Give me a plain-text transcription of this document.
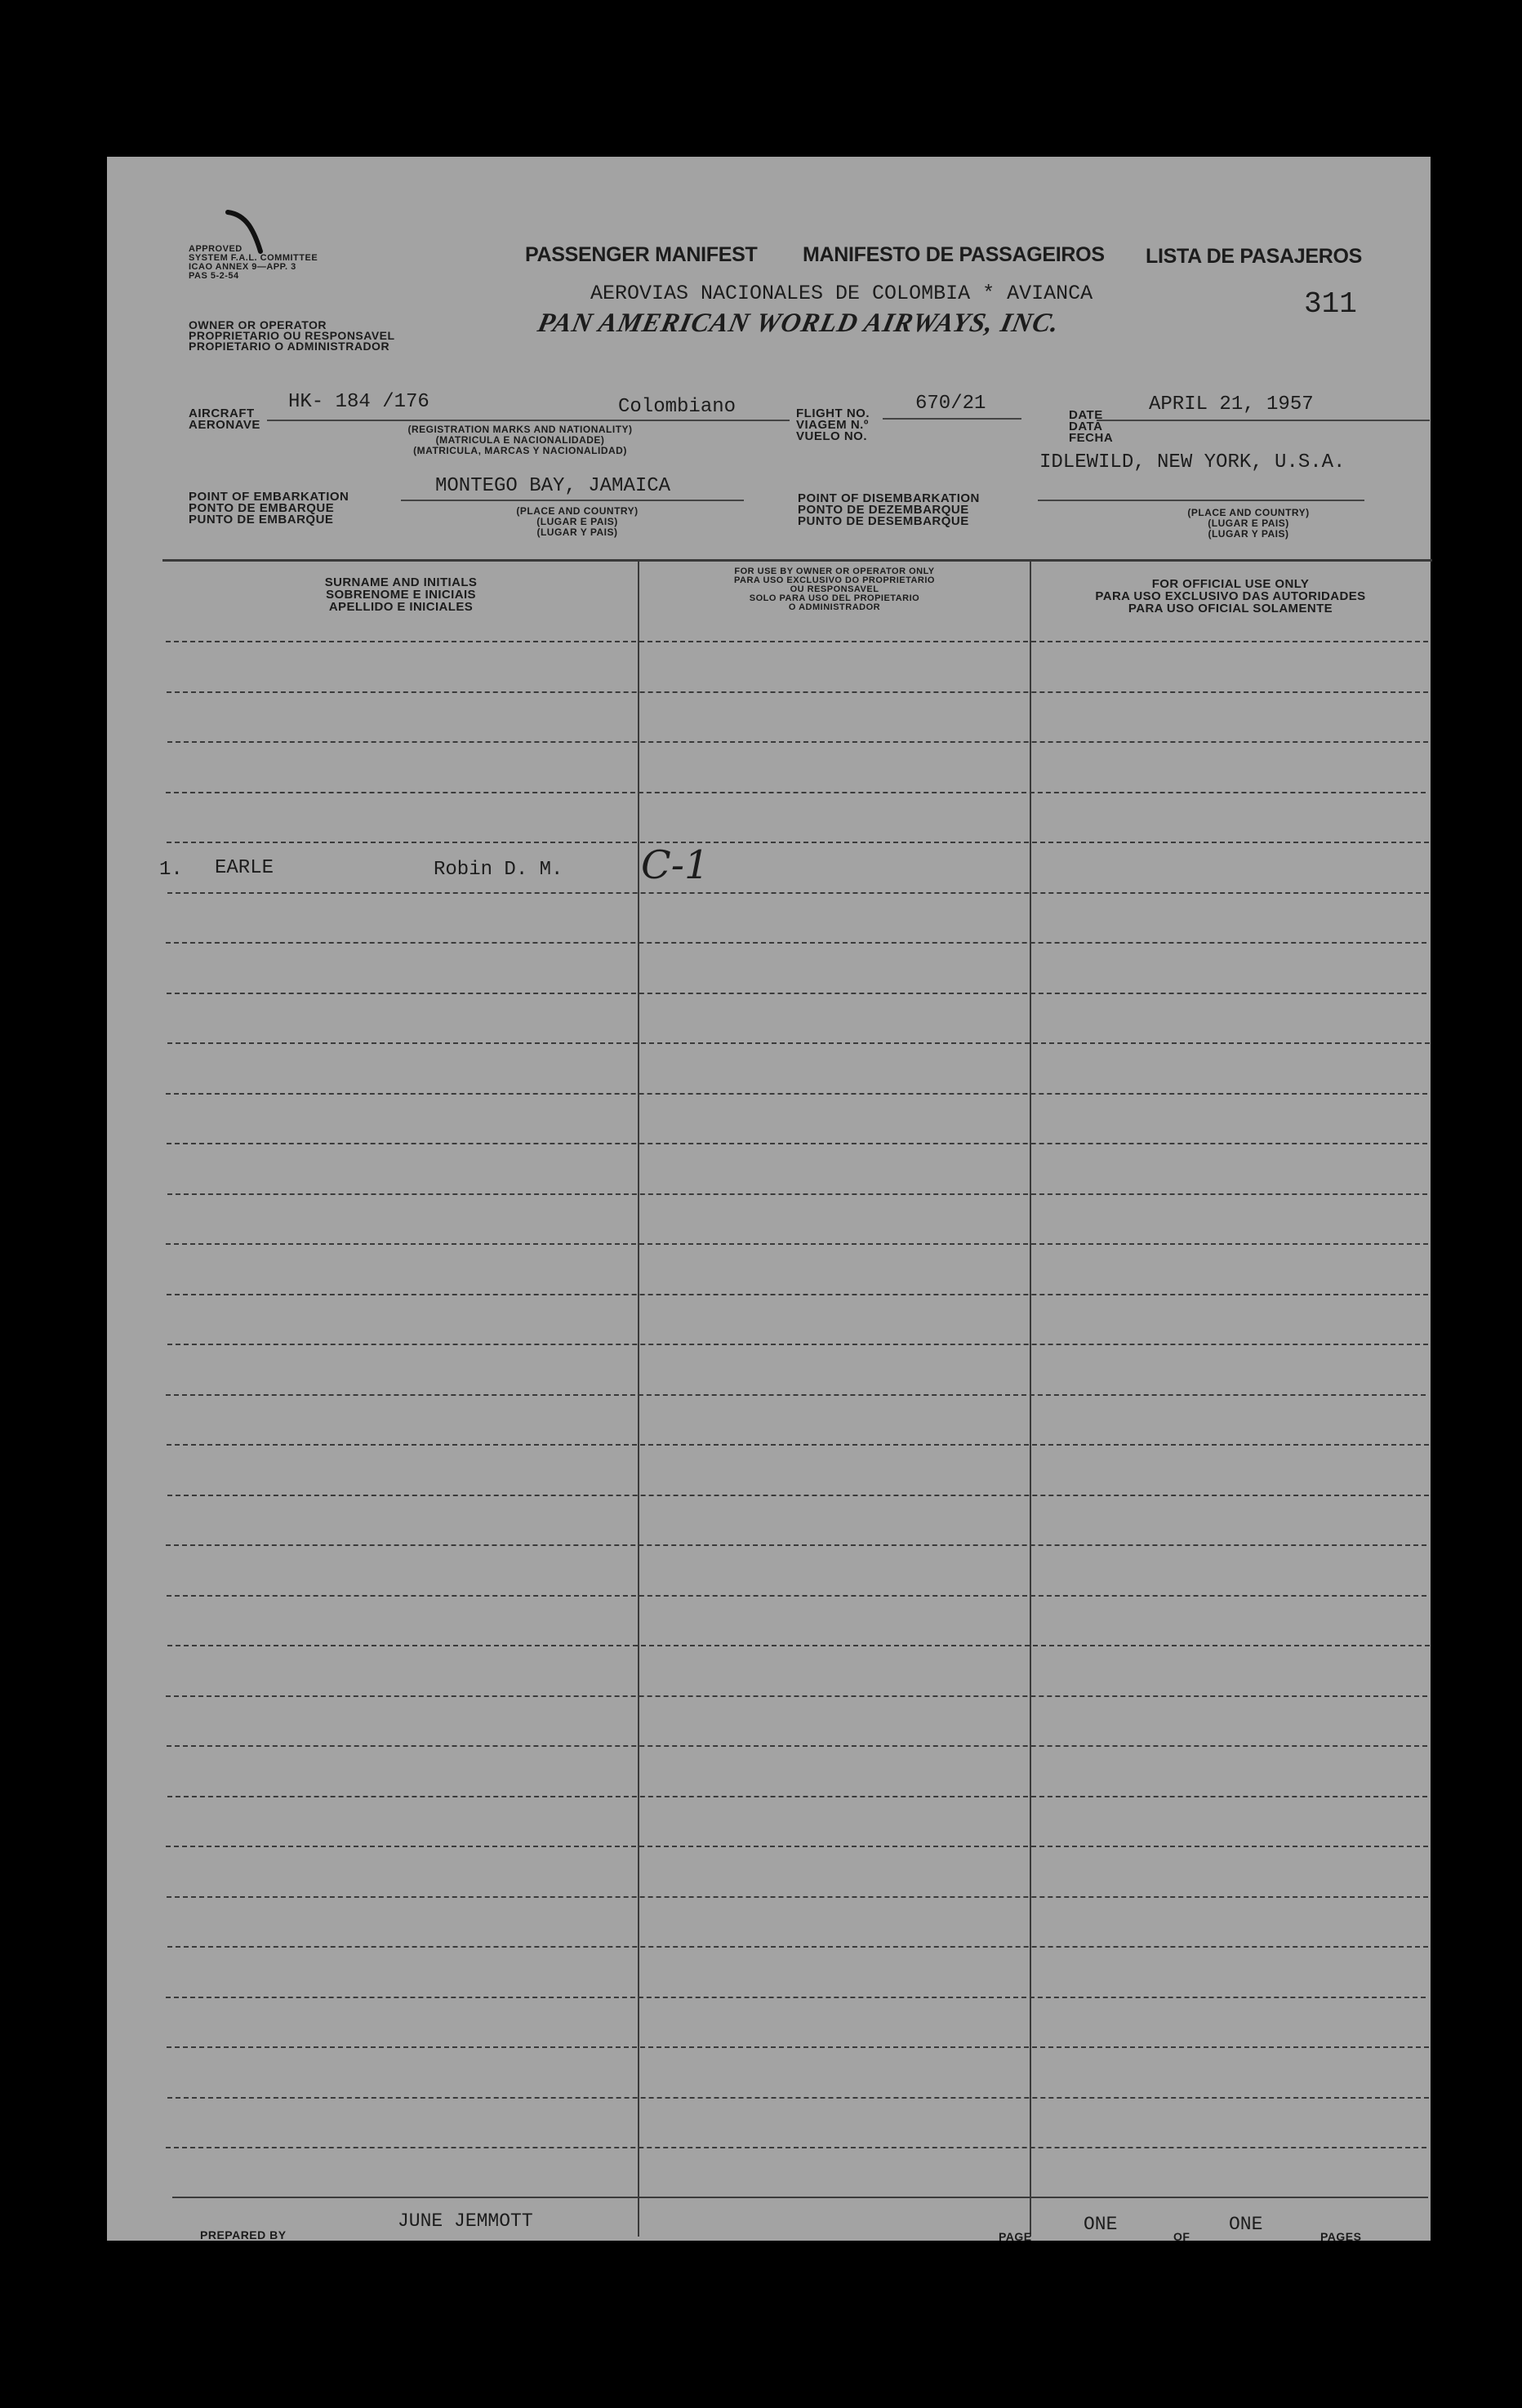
APPROVED
SYSTEM F.A.L. COMMITTEE
ICAO ANNEX 9—APP. 3
PAS 5-2-54
OWNER OR OPERATOR
PROPRIETARIO OU RESPONSAVEL
PROPIETARIO O ADMINISTRADOR
PASSENGER MANIFEST MANIFESTO DE PASSAGEIROS LISTA DE PASAJEROS
AEROVIAS NACIONALES DE COLOMBIA * AVIANCA
PAN AMERICAN WORLD AIRWAYS, INC.
311
AIRCRAFT
AERONAVE
HK- 184 /176	Colombiano
(REGISTRATION MARKS AND NATIONALITY)
(MATRICULA E NACIONALIDADE)
(MATRICULA, MARCAS Y NACIONALIDAD)
FLIGHT NO.
VIAGEM N.º
VUELO NO.
670/21
DATE
DATA
FECHA
APRIL 21, 1957
IDLEWILD, NEW YORK, U.S.A.
POINT OF EMBARKATION
PONTO DE EMBARQUE
PUNTO DE EMBARQUE
MONTEGO BAY, JAMAICA
(PLACE AND COUNTRY)
(LUGAR E PAIS)
(LUGAR Y PAIS)
POINT OF DISEMBARKATION
PONTO DE DEZEMBARQUE
PUNTO DE DESEMBARQUE
(PLACE AND COUNTRY)
(LUGAR E PAIS)
(LUGAR Y PAIS)
SURNAME AND INITIALS
SOBRENOME E INICIAIS
APELLIDO E INICIALES
FOR USE BY OWNER OR OPERATOR ONLY
PARA USO EXCLUSIVO DO PROPRIETARIO
OU RESPONSAVEL
SOLO PARA USO DEL PROPIETARIO
O ADMINISTRADOR
FOR OFFICIAL USE ONLY
PARA USO EXCLUSIVO DAS AUTORIDADES
PARA USO OFICIAL SOLAMENTE
1. EARLE	Robin D. M. C-1
PREPARED BY
JUNE JEMMOTT
PAGE
ONE
OF
ONE
PAGES
